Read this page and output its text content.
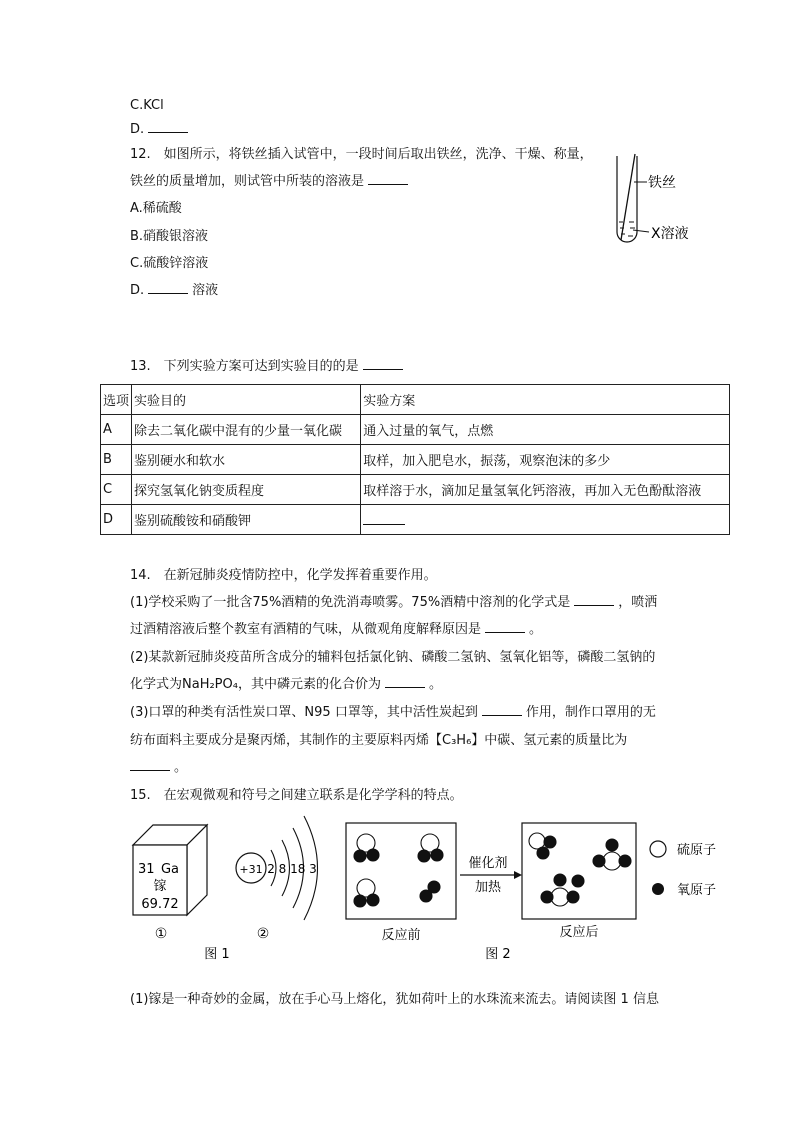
C.KCl
D.
12.　如图所示，将铁丝插入试管中，一段时间后取出铁丝，洗净、干燥、称量，
铁丝的质量增加，则试管中所装的溶液是
A.稀硫酸
B.硝酸银溶液
C.硫酸锌溶液
D.	溶液
铁丝
X溶液
13.　下列实验方案可达到实验目的的是
选项	实验目的	实验方案
A	除去二氧化碳中混有的少量一氧化碳	通入过量的氧气，点燃
B	鉴别硬水和软水	取样，加入肥皂水，振荡，观察泡沫的多少
C	探究氢氧化钠变质程度	取样溶于水，滴加足量氢氧化钙溶液，再加入无色酚酞溶液
D	鉴别硫酸铵和硝酸钾	
14.　在新冠肺炎疫情防控中，化学发挥着重要作用。
(1)学校采购了一批含75%酒精的免洗消毒喷雾。75%酒精中溶剂的化学式是	，喷洒
过酒精溶液后整个教室有酒精的气味，从微观角度解释原因是	。
(2)某款新冠肺炎疫苗所含成分的辅料包括氯化钠、磷酸二氢钠、氢氧化铝等，磷酸二氢钠的
化学式为NaH₂PO₄，其中磷元素的化合价为	。
(3)口罩的种类有活性炭口罩、N95 口罩等，其中活性炭起到	作用，制作口罩用的无
纺布面料主要成分是聚丙烯，其制作的主要原料丙烯【C₃H₆】中碳、氢元素的质量比为
。
15.　在宏观微观和符号之间建立联系是化学学科的特点。
31 Ga
镓
69.72
①
+31 2 8 18 3
②
图 1
反应前
催化剂
加热
反应后
硫原子
氧原子
图 2
(1)镓是一种奇妙的金属，放在手心马上熔化，犹如荷叶上的水珠流来流去。请阅读图 1 信息
